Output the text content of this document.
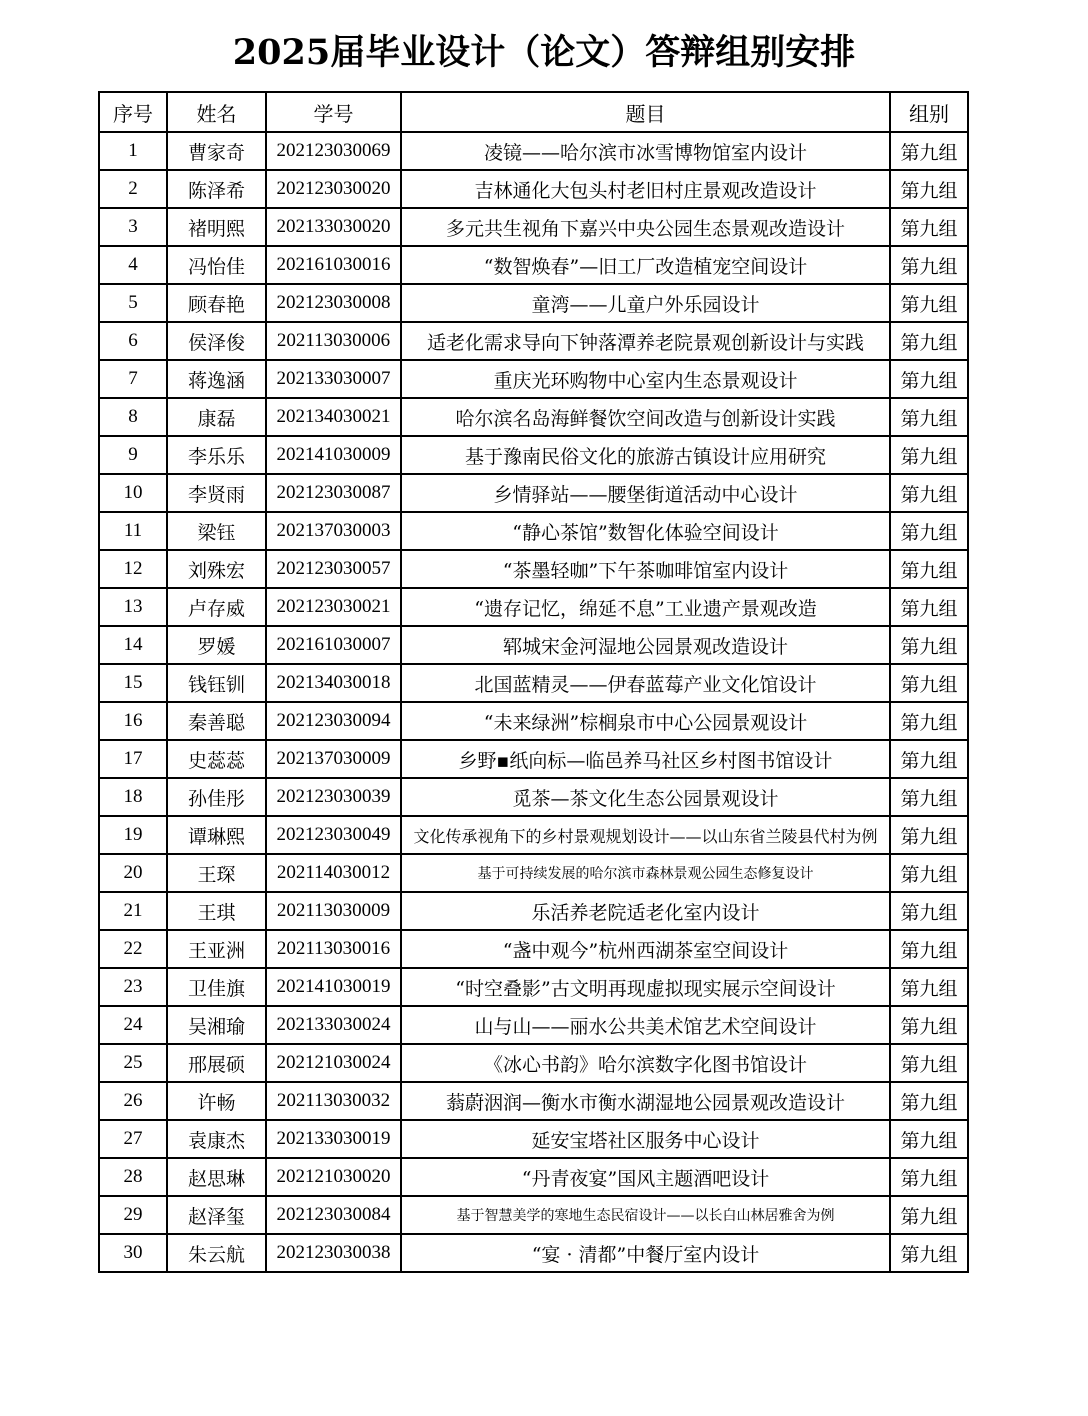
2025届毕业设计（论文）答辩组别安排
序号	姓名	学号	题目	组别
1	曹家奇	202123030069	凌镜——哈尔滨市冰雪博物馆室内设计	第九组
2	陈泽希	202123030020	吉林通化大包头村老旧村庄景观改造设计	第九组
3	褚明熙	202133030020	多元共生视角下嘉兴中央公园生态景观改造设计	第九组
4	冯怡佳	202161030016	“数智焕春”—旧工厂改造植宠空间设计	第九组
5	顾春艳	202123030008	童湾——儿童户外乐园设计	第九组
6	侯泽俊	202113030006	适老化需求导向下钟落潭养老院景观创新设计与实践	第九组
7	蒋逸涵	202133030007	重庆光环购物中心室内生态景观设计	第九组
8	康磊	202134030021	哈尔滨名岛海鲜餐饮空间改造与创新设计实践	第九组
9	李乐乐	202141030009	基于豫南民俗文化的旅游古镇设计应用研究	第九组
10	李贤雨	202123030087	乡情驿站——腰堡街道活动中心设计	第九组
11	梁钰	202137030003	“静心茶馆”数智化体验空间设计	第九组
12	刘殊宏	202123030057	“茶墨轻咖”下午茶咖啡馆室内设计	第九组
13	卢存威	202123030021	“遗存记忆，绵延不息”工业遗产景观改造	第九组
14	罗媛	202161030007	郓城宋金河湿地公园景观改造设计	第九组
15	钱钰钏	202134030018	北国蓝精灵——伊春蓝莓产业文化馆设计	第九组
16	秦善聪	202123030094	“未来绿洲”棕榈泉市中心公园景观设计	第九组
17	史蕊蕊	202137030009	乡野▪纸向标—临邑养马社区乡村图书馆设计	第九组
18	孙佳彤	202123030039	觅茶—茶文化生态公园景观设计	第九组
19	谭琳熙	202123030049	文化传承视角下的乡村景观规划设计——以山东省兰陵县代村为例	第九组
20	王琛	202114030012	基于可持续发展的哈尔滨市森林景观公园生态修复设计	第九组
21	王琪	202113030009	乐活养老院适老化室内设计	第九组
22	王亚洲	202113030016	“盏中观今”杭州西湖茶室空间设计	第九组
23	卫佳旗	202141030019	“时空叠影”古文明再现虚拟现实展示空间设计	第九组
24	吴湘瑜	202133030024	山与山——丽水公共美术馆艺术空间设计	第九组
25	邢展硕	202121030024	《冰心书韵》哈尔滨数字化图书馆设计	第九组
26	许畅	202113030032	蓊蔚洇润—衡水市衡水湖湿地公园景观改造设计	第九组
27	袁康杰	202133030019	延安宝塔社区服务中心设计	第九组
28	赵思琳	202121030020	“丹青夜宴”国风主题酒吧设计	第九组
29	赵泽玺	202123030084	基于智慧美学的寒地生态民宿设计——以长白山林居雅舍为例	第九组
30	朱云航	202123030038	“宴 · 清都”中餐厅室内设计	第九组
